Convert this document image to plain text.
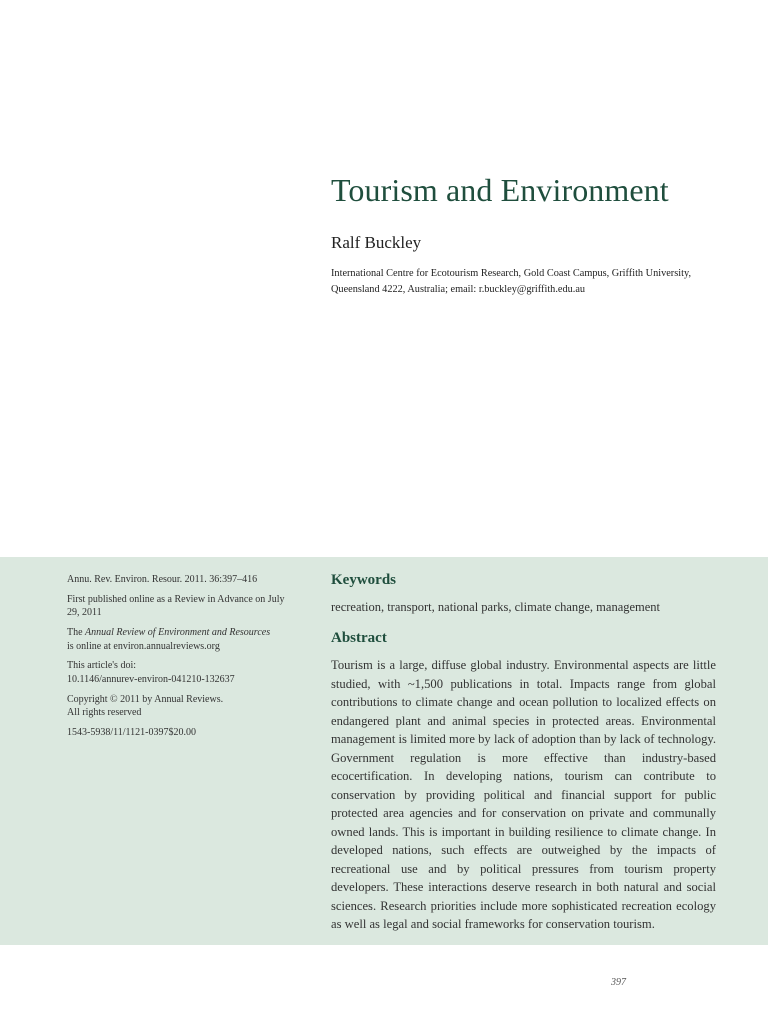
Tourism and Environment
Ralf Buckley
International Centre for Ecotourism Research, Gold Coast Campus, Griffith University, Queensland 4222, Australia; email: r.buckley@griffith.edu.au

Annu. Rev. Environ. Resour. 2011. 36:397–416

First published online as a Review in Advance on July 29, 2011

The Annual Review of Environment and Resources
is online at environ.annualreviews.org

This article's doi:
10.1146/annurev-environ-041210-132637

Copyright © 2011 by Annual Reviews.
All rights reserved

1543-5938/11/1121-0397$20.00

Keywords

recreation, transport, national parks, climate change, management

Abstract

Tourism is a large, diffuse global industry. Environmental aspects are little studied, with ~1,500 publications in total. Impacts range from global contributions to climate change and ocean pollution to localized effects on endangered plant and animal species in protected areas. Environmental management is limited more by lack of adoption than by lack of technology. Government regulation is more effective than industry-based ecocertification. In developing nations, tourism can contribute to conservation by providing political and financial support for public protected area agencies and for conservation on private and communally owned lands. This is important in building resilience to climate change. In developed nations, such effects are outweighed by the impacts of recreational use and by political pressures from tourism property developers. These interactions deserve research in both natural and social sciences. Research priorities include more sophisticated recreation ecology as well as legal and social frameworks for conservation tourism.

397
